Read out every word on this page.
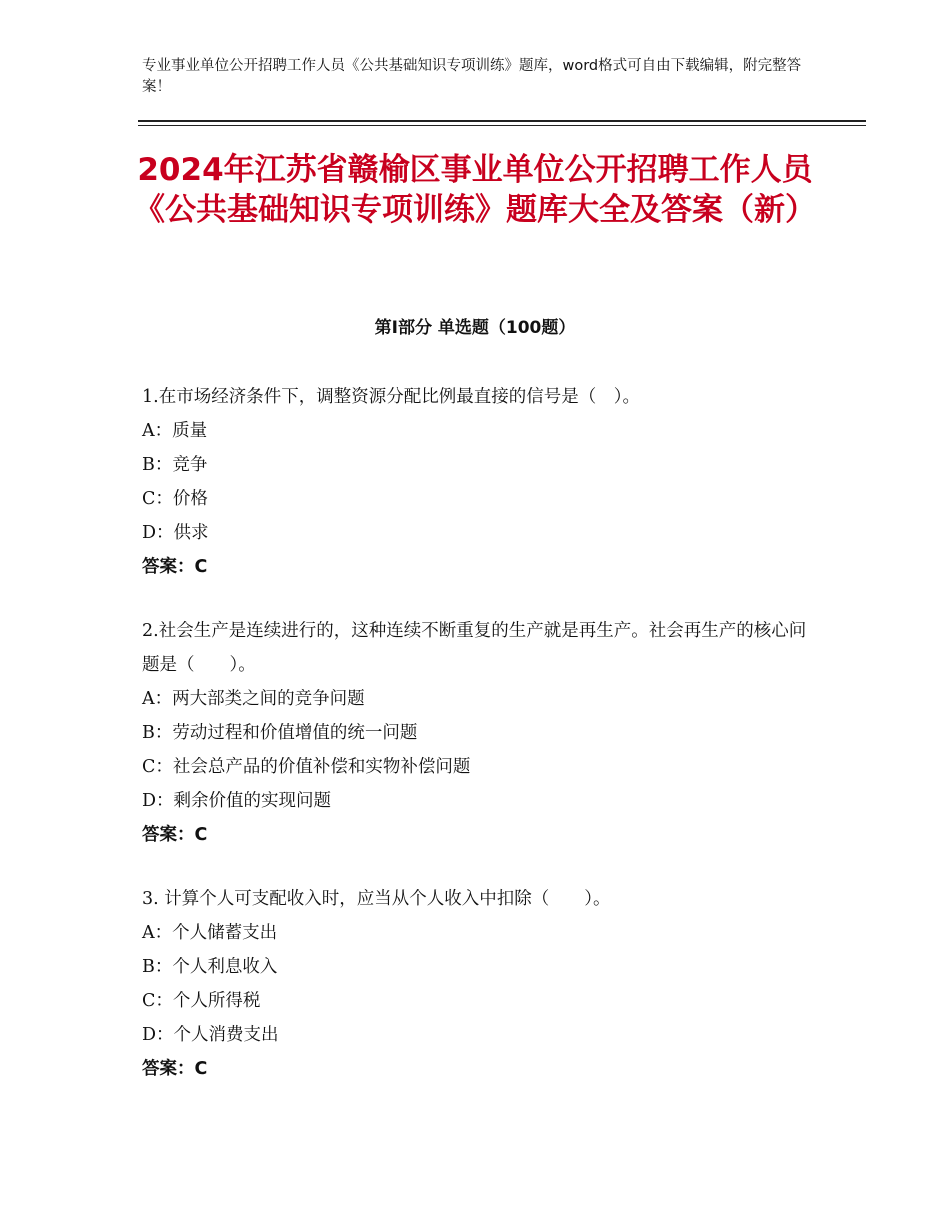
专业事业单位公开招聘工作人员《公共基础知识专项训练》题库，word格式可自由下载编辑，附完整答案！
2024年江苏省赣榆区事业单位公开招聘工作人员《公共基础知识专项训练》题库大全及答案（新）
第Ⅰ部分 单选题（100题）
1.在市场经济条件下，调整资源分配比例最直接的信号是（　）。
A：质量
B：竞争
C：价格
D：供求
答案：C
2.社会生产是连续进行的，这种连续不断重复的生产就是再生产。社会再生产的核心问题是（　　）。
A：两大部类之间的竞争问题
B：劳动过程和价值增值的统一问题
C：社会总产品的价值补偿和实物补偿问题
D：剩余价值的实现问题
答案：C
3. 计算个人可支配收入时，应当从个人收入中扣除（　　）。
A：个人储蓄支出
B：个人利息收入
C：个人所得税
D：个人消费支出
答案：C
